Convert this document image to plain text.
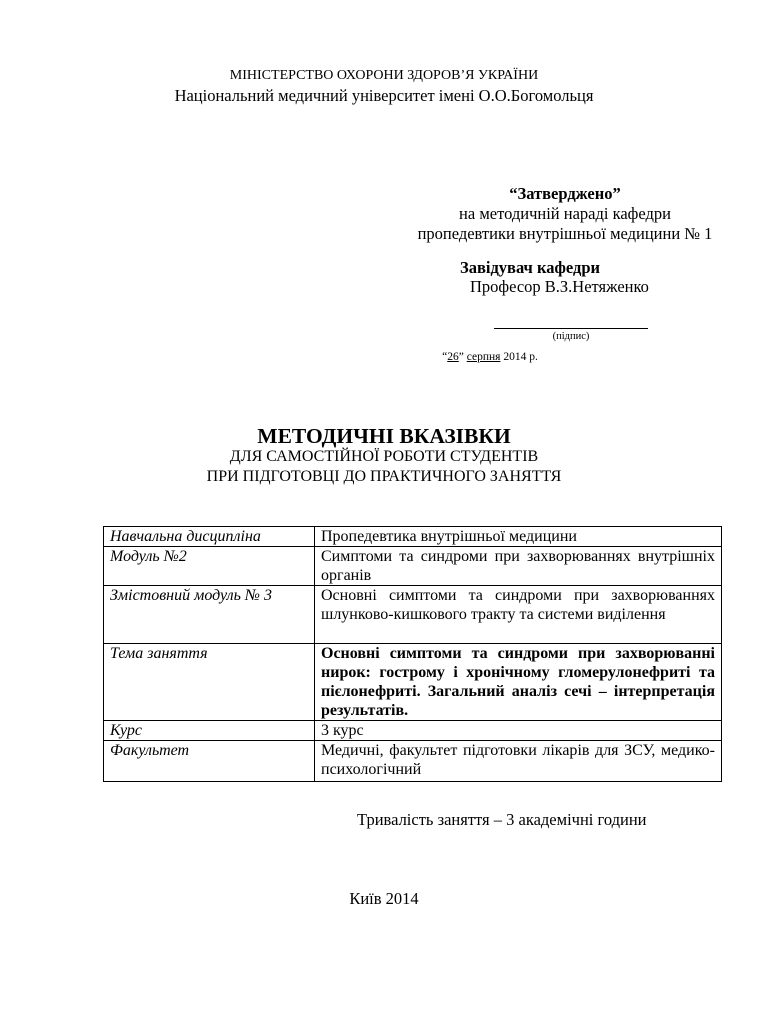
МІНІСТЕРСТВО ОХОРОНИ ЗДОРОВ’Я УКРАЇНИ
Національний медичний університет імені О.О.Богомольця
“Затверджено”
на методичній нараді кафедри
пропедевтики внутрішньої медицини № 1
Завідувач кафедри
Професор В.З.Нетяженко
(підпис)
“26” серпня 2014 р.
МЕТОДИЧНІ ВКАЗІВКИ
ДЛЯ САМОСТІЙНОЇ РОБОТИ СТУДЕНТІВ
ПРИ ПІДГОТОВЦІ ДО ПРАКТИЧНОГО ЗАНЯТТЯ
Навчальна дисципліна	Пропедевтика внутрішньої медицини
Модуль №2	Симптоми та синдроми при захворюваннях внутрішніх органів
Змістовний модуль № 3	Основні симптоми та синдроми при захворюваннях шлунково-кишкового тракту та системи виділення
Тема заняття	Основні симптоми та синдроми при захворюванні нирок: гострому і хронічному гломерулонефриті та пієлонефриті. Загальний аналіз сечі – інтерпретація результатів.
Курс	3 курс
Факультет	Медичні, факультет підготовки лікарів для ЗСУ, медико-психологічний
Тривалість заняття – 3 академічні години
Київ 2014
